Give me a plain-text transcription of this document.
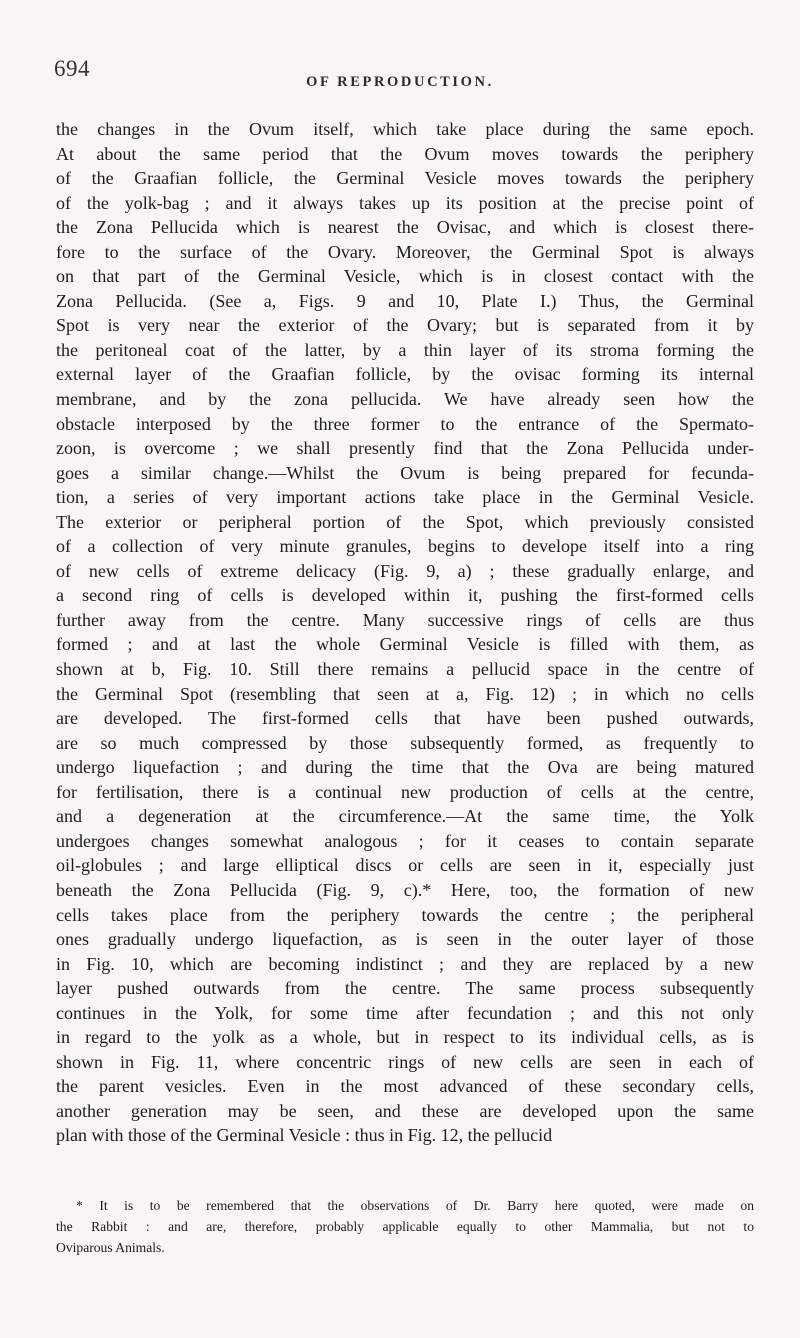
694
OF REPRODUCTION.
the changes in the Ovum itself, which take place during the same epoch.
At about the same period that the Ovum moves towards the periphery
of the Graafian follicle, the Germinal Vesicle moves towards the periphery
of the yolk-bag ; and it always takes up its position at the precise point of
the Zona Pellucida which is nearest the Ovisac, and which is closest there-
fore to the surface of the Ovary. Moreover, the Germinal Spot is always
on that part of the Germinal Vesicle, which is in closest contact with the
Zona Pellucida. (See a, Figs. 9 and 10, Plate I.) Thus, the Germinal
Spot is very near the exterior of the Ovary; but is separated from it by
the peritoneal coat of the latter, by a thin layer of its stroma forming the
external layer of the Graafian follicle, by the ovisac forming its internal
membrane, and by the zona pellucida. We have already seen how the
obstacle interposed by the three former to the entrance of the Spermato-
zoon, is overcome ; we shall presently find that the Zona Pellucida under-
goes a similar change.—Whilst the Ovum is being prepared for fecunda-
tion, a series of very important actions take place in the Germinal Vesicle.
The exterior or peripheral portion of the Spot, which previously consisted
of a collection of very minute granules, begins to develope itself into a ring
of new cells of extreme delicacy (Fig. 9, a) ; these gradually enlarge, and
a second ring of cells is developed within it, pushing the first-formed cells
further away from the centre. Many successive rings of cells are thus
formed ; and at last the whole Germinal Vesicle is filled with them, as
shown at b, Fig. 10. Still there remains a pellucid space in the centre of
the Germinal Spot (resembling that seen at a, Fig. 12) ; in which no cells
are developed. The first-formed cells that have been pushed outwards,
are so much compressed by those subsequently formed, as frequently to
undergo liquefaction ; and during the time that the Ova are being matured
for fertilisation, there is a continual new production of cells at the centre,
and a degeneration at the circumference.—At the same time, the Yolk
undergoes changes somewhat analogous ; for it ceases to contain separate
oil-globules ; and large elliptical discs or cells are seen in it, especially just
beneath the Zona Pellucida (Fig. 9, c).* Here, too, the formation of new
cells takes place from the periphery towards the centre ; the peripheral
ones gradually undergo liquefaction, as is seen in the outer layer of those
in Fig. 10, which are becoming indistinct ; and they are replaced by a new
layer pushed outwards from the centre. The same process subsequently
continues in the Yolk, for some time after fecundation ; and this not only
in regard to the yolk as a whole, but in respect to its individual cells, as is
shown in Fig. 11, where concentric rings of new cells are seen in each of
the parent vesicles. Even in the most advanced of these secondary cells,
another generation may be seen, and these are developed upon the same
plan with those of the Germinal Vesicle : thus in Fig. 12, the pellucid
* It is to be remembered that the observations of Dr. Barry here quoted, were made on
the Rabbit : and are, therefore, probably applicable equally to other Mammalia, but not to
Oviparous Animals.
